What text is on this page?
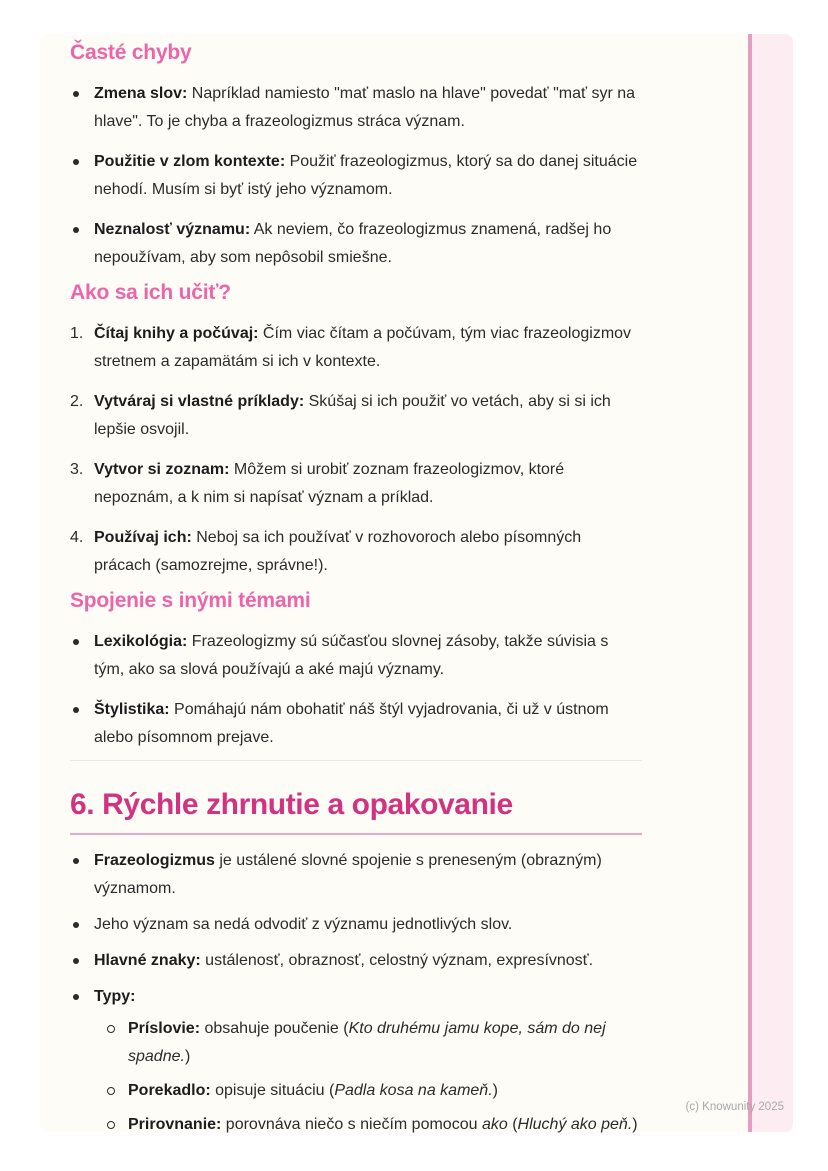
Časté chyby
Zmena slov: Napríklad namiesto "mať maslo na hlave" povedať "mať syr na hlave". To je chyba a frazeologizmus stráca význam.
Použitie v zlom kontexte: Použiť frazeologizmus, ktorý sa do danej situácie nehodí. Musím si byť istý jeho významom.
Neznalosť významu: Ak neviem, čo frazeologizmus znamená, radšej ho nepoužívam, aby som nepôsobil smiešne.
Ako sa ich učiť?
1. Čítaj knihy a počúvaj: Čím viac čítam a počúvam, tým viac frazeologizmov stretnem a zapamätám si ich v kontexte.
2. Vytváraj si vlastné príklady: Skúšaj si ich použiť vo vetách, aby si si ich lepšie osvojil.
3. Vytvor si zoznam: Môžem si urobiť zoznam frazeologizmov, ktoré nepoznám, a k nim si napísať význam a príklad.
4. Používaj ich: Neboj sa ich používať v rozhovoroch alebo písomných prácach (samozrejme, správne!).
Spojenie s inými témami
Lexikológia: Frazeologizmy sú súčasťou slovnej zásoby, takže súvisia s tým, ako sa slová používajú a aké majú významy.
Štylistika: Pomáhajú nám obohatiť náš štýl vyjadrovania, či už v ústnom alebo písomnom prejave.
6. Rýchle zhrnutie a opakovanie
Frazeologizmus je ustálené slovné spojenie s preneseným (obrazným) významom.
Jeho význam sa nedá odvodiť z významu jednotlivých slov.
Hlavné znaky: ustálenosť, obraznosť, celostný význam, expresívnosť.
Typy:
Príslovie: obsahuje poučenie (Kto druhému jamu kope, sám do nej spadne.)
Porekadlo: opisuje situáciu (Padla kosa na kameň.)
Prirovnanie: porovnáva niečo s niečím pomocou ako (Hluchý ako peň.)
(c) Knowunity 2025
